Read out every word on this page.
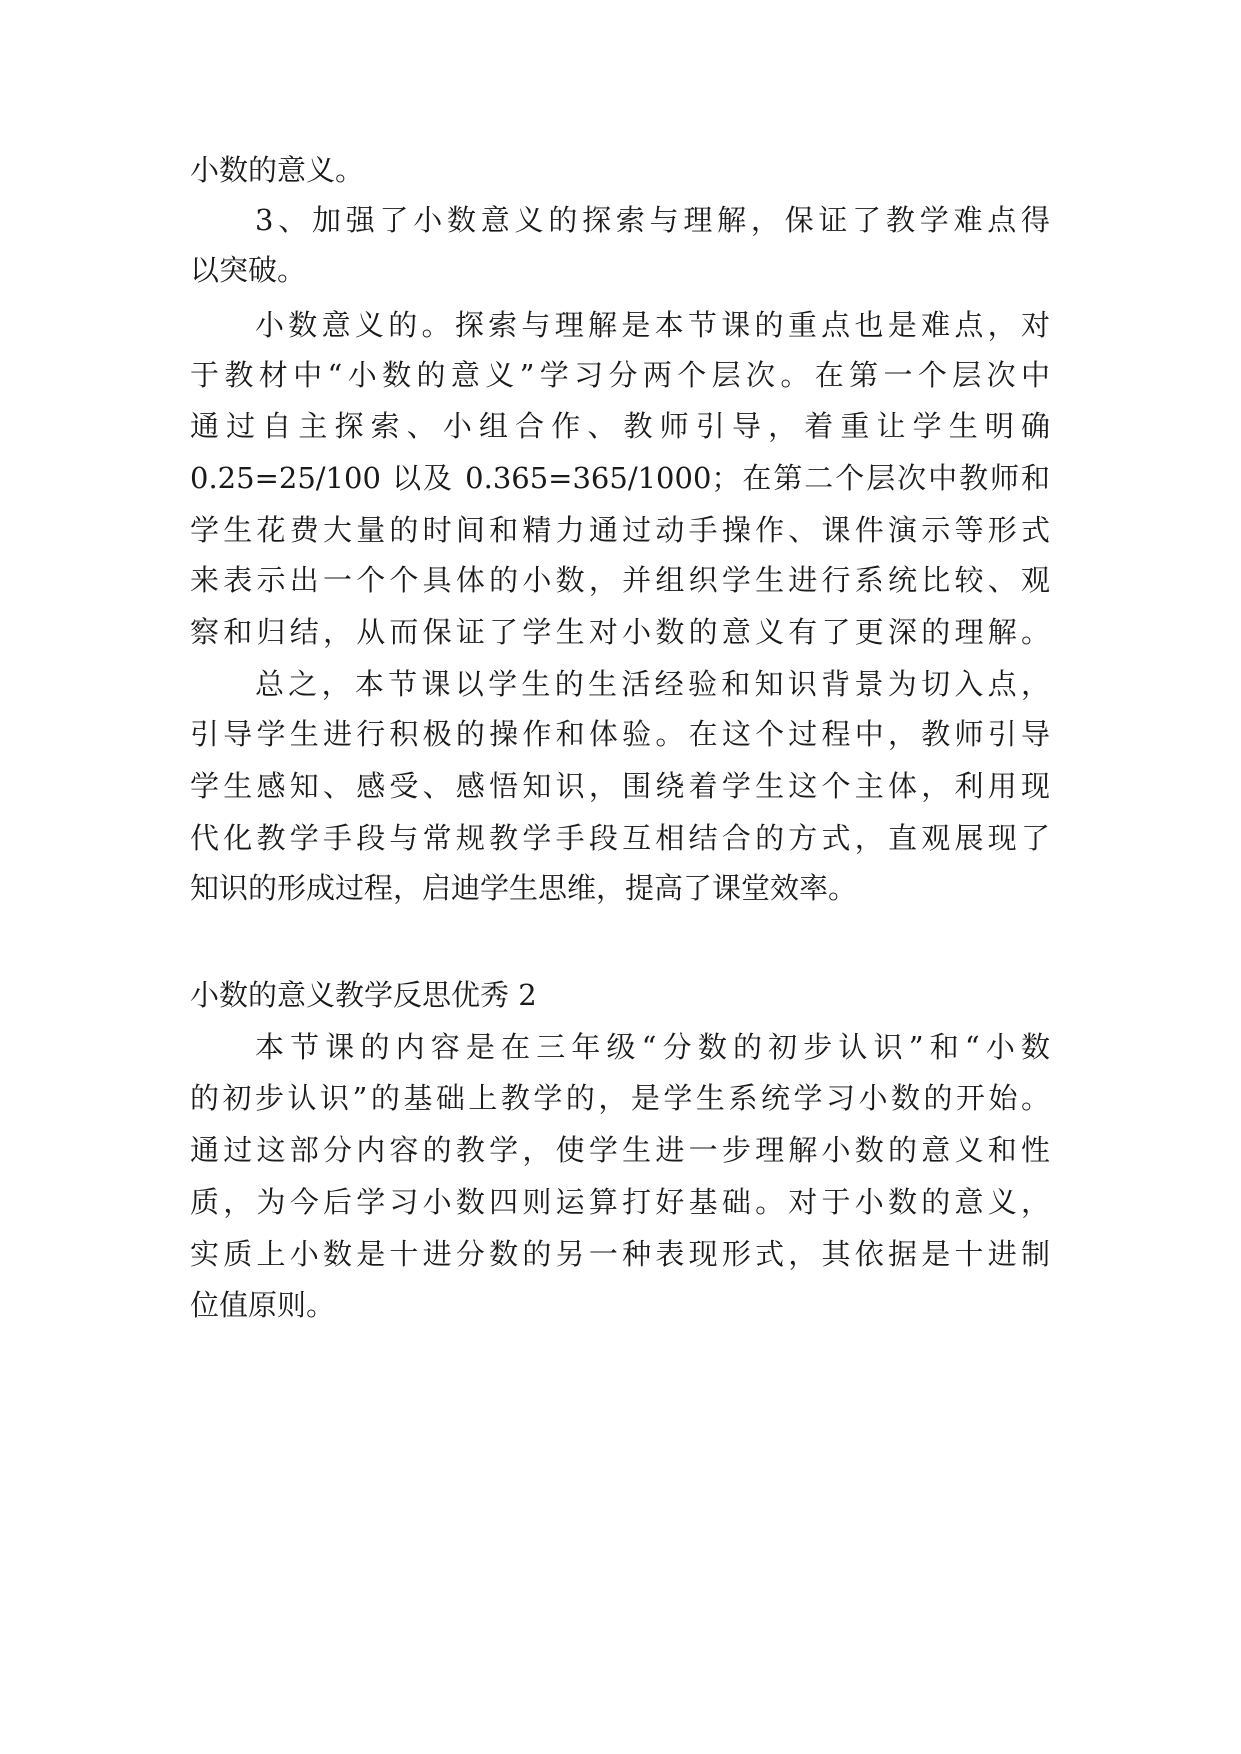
小数的意义。
3、加强了小数意义的探索与理解，保证了教学难点得
以突破。
小数意义的。探索与理解是本节课的重点也是难点，对
于教材中“小数的意义”学习分两个层次。在第一个层次中
通过自主探索、小组合作、教师引导，着重让学生明确
0.25=25/100 以及 0.365=365/1000；在第二个层次中教师和
学生花费大量的时间和精力通过动手操作、课件演示等形式
来表示出一个个具体的小数，并组织学生进行系统比较、观
察和归结，从而保证了学生对小数的意义有了更深的理解。
总之，本节课以学生的生活经验和知识背景为切入点，
引导学生进行积极的操作和体验。在这个过程中，教师引导
学生感知、感受、感悟知识，围绕着学生这个主体，利用现
代化教学手段与常规教学手段互相结合的方式，直观展现了
知识的形成过程，启迪学生思维，提高了课堂效率。
小数的意义教学反思优秀 2
本节课的内容是在三年级“分数的初步认识”和“小数
的初步认识”的基础上教学的，是学生系统学习小数的开始。
通过这部分内容的教学，使学生进一步理解小数的意义和性
质，为今后学习小数四则运算打好基础。对于小数的意义，
实质上小数是十进分数的另一种表现形式，其依据是十进制
位值原则。
